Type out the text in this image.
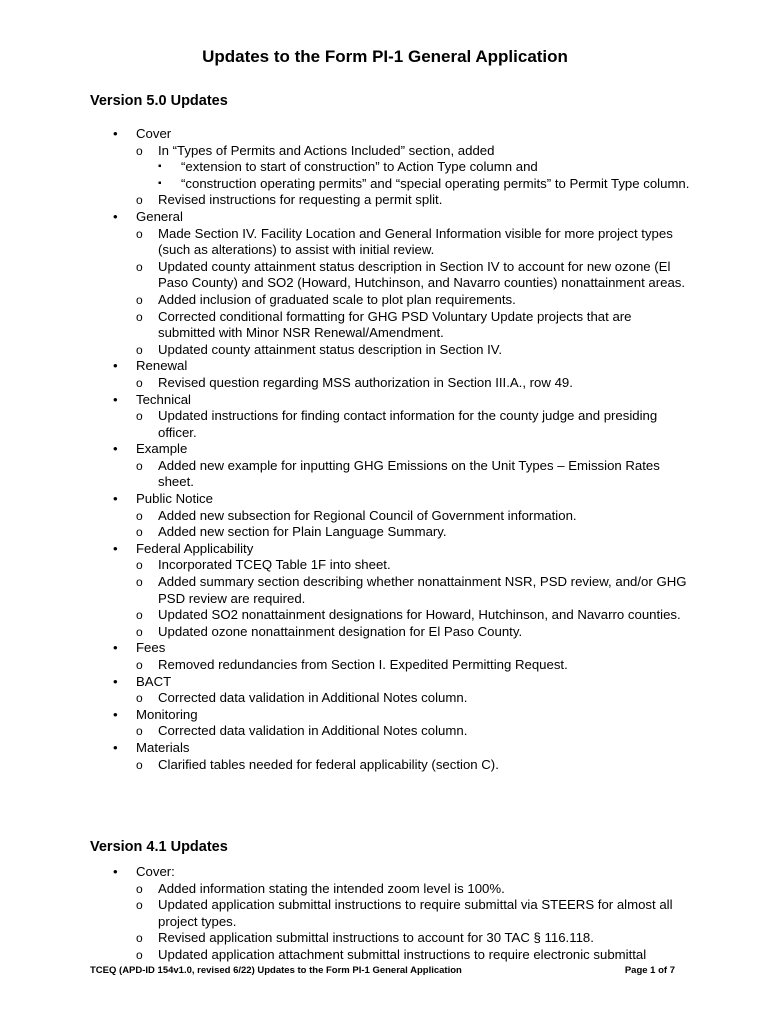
Updates to the Form PI-1 General Application
Version 5.0 Updates
• Cover
o In “Types of Permits and Actions Included” section, added
▪ “extension to start of construction” to Action Type column and
▪ “construction operating permits” and “special operating permits” to Permit Type column.
o Revised instructions for requesting a permit split.
• General
o Made Section IV. Facility Location and General Information visible for more project types (such as alterations) to assist with initial review.
o Updated county attainment status description in Section IV to account for new ozone (El Paso County) and SO2 (Howard, Hutchinson, and Navarro counties) nonattainment areas.
o Added inclusion of graduated scale to plot plan requirements.
o Corrected conditional formatting for GHG PSD Voluntary Update projects that are submitted with Minor NSR Renewal/Amendment.
o Updated county attainment status description in Section IV.
• Renewal
o Revised question regarding MSS authorization in Section III.A., row 49.
• Technical
o Updated instructions for finding contact information for the county judge and presiding officer.
• Example
o Added new example for inputting GHG Emissions on the Unit Types – Emission Rates sheet.
• Public Notice
o Added new subsection for Regional Council of Government information.
o Added new section for Plain Language Summary.
• Federal Applicability
o Incorporated TCEQ Table 1F into sheet.
o Added summary section describing whether nonattainment NSR, PSD review, and/or GHG PSD review are required.
o Updated SO2 nonattainment designations for Howard, Hutchinson, and Navarro counties.
o Updated ozone nonattainment designation for El Paso County.
• Fees
o Removed redundancies from Section I. Expedited Permitting Request.
• BACT
o Corrected data validation in Additional Notes column.
• Monitoring
o Corrected data validation in Additional Notes column.
• Materials
o Clarified tables needed for federal applicability (section C).
Version 4.1 Updates
• Cover:
o Added information stating the intended zoom level is 100%.
o Updated application submittal instructions to require submittal via STEERS for almost all project types.
o Revised application submittal instructions to account for 30 TAC § 116.118.
o Updated application attachment submittal instructions to require electronic submittal
TCEQ (APD-ID 154v1.0, revised 6/22) Updates to the Form PI-1 General Application	Page 1 of 7
